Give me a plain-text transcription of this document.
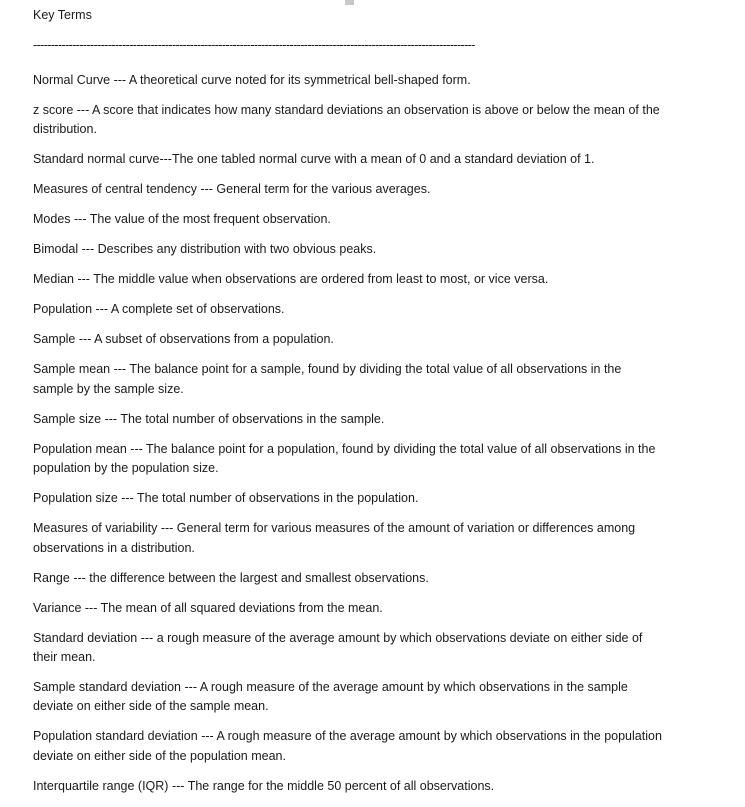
Key Terms
----------------------------------------------------------------------------------------------------------------------------

Normal Curve --- A theoretical curve noted for its symmetrical bell-shaped form.

z score --- A score that indicates how many standard deviations an observation is above or below the mean of the distribution.

Standard normal curve---The one tabled normal curve with a mean of 0 and a standard deviation of 1.

Measures of central tendency --- General term for the various averages.

Modes --- The value of the most frequent observation.

Bimodal --- Describes any distribution with two obvious peaks.

Median --- The middle value when observations are ordered from least to most, or vice versa.

Population --- A complete set of observations.

Sample --- A subset of observations from a population.

Sample mean --- The balance point for a sample, found by dividing the total value of all observations in the sample by the sample size.

Sample size --- The total number of observations in the sample.

Population mean --- The balance point for a population, found by dividing the total value of all observations in the population by the population size.

Population size --- The total number of observations in the population.

Measures of variability --- General term for various measures of the amount of variation or differences among observations in a distribution.

Range --- the difference between the largest and smallest observations.

Variance --- The mean of all squared deviations from the mean.

Standard deviation --- a rough measure of the average amount by which observations deviate on either side of their mean.

Sample standard deviation --- A rough measure of the average amount by which observations in the sample deviate on either side of the sample mean.

Population standard deviation --- A rough measure of the average amount by which observations in the population deviate on either side of the population mean.

Interquartile range (IQR) --- The range for the middle 50 percent of all observations.
